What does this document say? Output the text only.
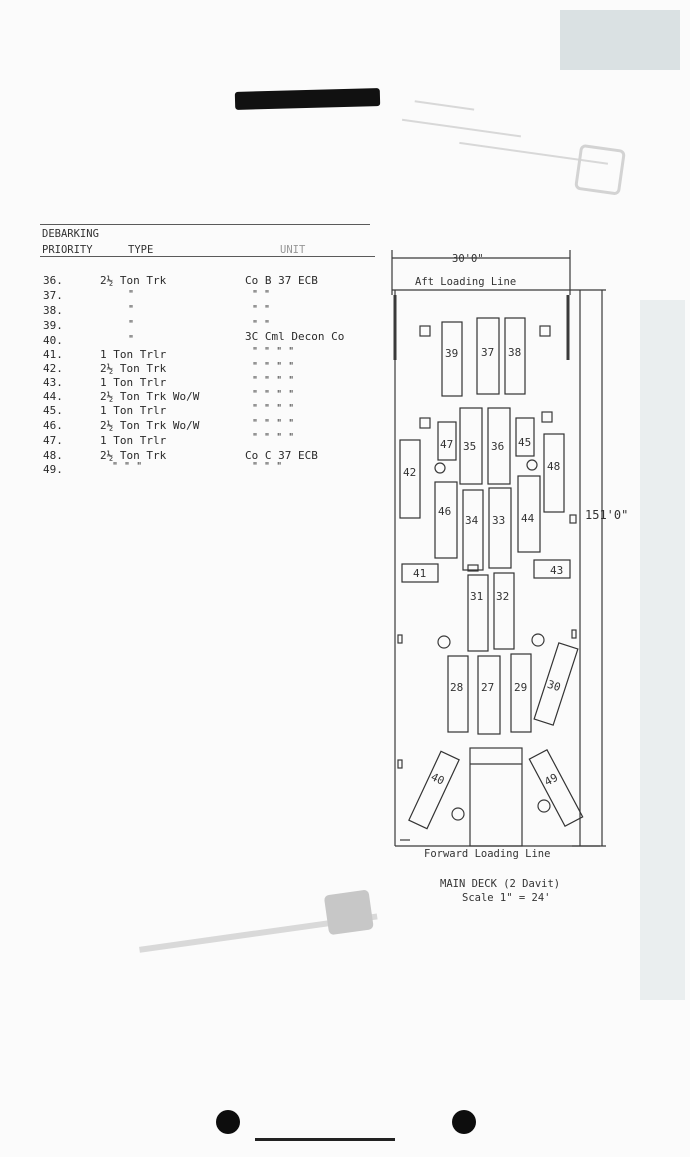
DEBARKING
PRIORITY	TYPE	UNIT
36.	2½ Ton Trk	Co B 37 ECB
37.	"	" "
38.	"	" "
39.	"	" "
40.	"	3C Cml Decon Co
41.	1 Ton Trlr	" " " "
42.	2½ Ton Trk	" " " "
43.	1 Ton Trlr	" " " "
44.	2½ Ton Trk Wo/W	" " " "
45.	1 Ton Trlr	" " " "
46.	2½ Ton Trk Wo/W	" " " "
47.	1 Ton Trlr	" " " "
48.	2½ Ton Trk	Co C 37 ECB
49.	" " "	" " "
39 37 38
47 35 36 45
42	48
46
34 33 44
41	43
31 32
28 27 29 30
40	49
30'0"
Aft Loading Line
151'0"
Forward Loading Line
MAIN DECK (2 Davit)
Scale 1" = 24'
